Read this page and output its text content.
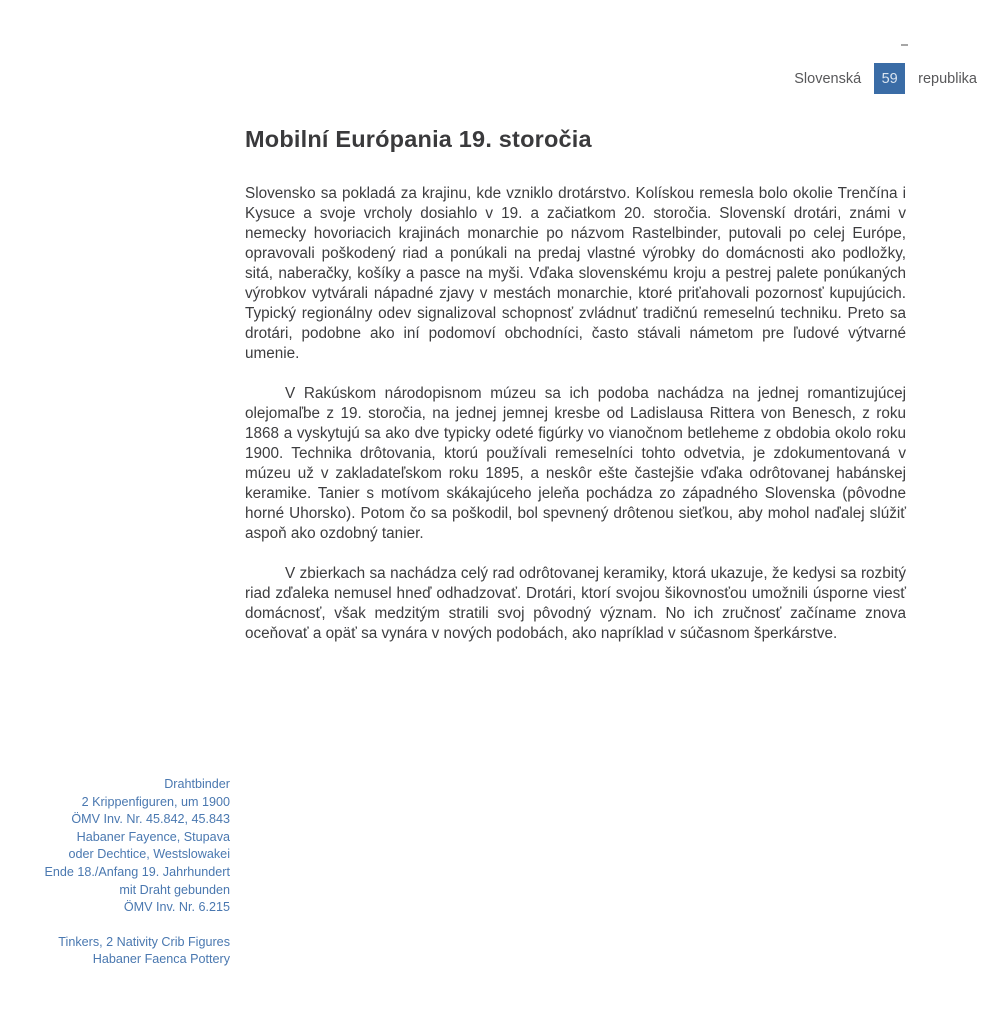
Slovenská 59 republika
Mobilní Európania 19. storočia

Slovensko sa pokladá za krajinu, kde vzniklo drotárstvo. Kolískou remesla bolo okolie Trenčína i Kysuce a svoje vrcholy dosiahlo v 19. a začiatkom 20. storočia. Slovenskí drotári, známi v nemecky hovoriacich krajinách monarchie po názvom Rastelbinder, putovali po celej Európe, opravovali poškodený riad a ponúkali na predaj vlastné výrobky do domácnosti ako podložky, sitá, naberačky, košíky a pasce na myši. Vďaka slovenskému kroju a pestrej palete ponúkaných výrobkov vytvárali nápadné zjavy v mestách monarchie, ktoré priťahovali pozornosť kupujúcich. Typický regionálny odev signalizoval schopnosť zvládnuť tradičnú remeselnú techniku. Preto sa drotári, podobne ako iní podomoví obchodníci, často stávali námetom pre ľudové výtvarné umenie.

V Rakúskom národopisnom múzeu sa ich podoba nachádza na jednej romantizujúcej olejomaľbe z 19. storočia, na jednej jemnej kresbe od Ladislausa Rittera von Benesch, z roku 1868 a vyskytujú sa ako dve typicky odeté figúrky vo vianočnom betleheme z obdobia okolo roku 1900. Technika drôtovania, ktorú používali remeselníci tohto odvetvia, je zdokumentovaná v múzeu už v zakladateľskom roku 1895, a neskôr ešte častejšie vďaka odrôtovanej habánskej keramike. Tanier s motívom skákajúceho jeleňa pochádza zo západného Slovenska (pôvodne horné Uhorsko). Potom čo sa poškodil, bol spevnený drôtenou sieťkou, aby mohol naďalej slúžiť aspoň ako ozdobný tanier.

V zbierkach sa nachádza celý rad odrôtovanej keramiky, ktorá ukazuje, že kedysi sa rozbitý riad zďaleka nemusel hneď odhadzovať. Drotári, ktorí svojou šikovnosťou umožnili úsporne viesť domácnosť, však medzitým stratili svoj pôvodný význam. No ich zručnosť začíname znova oceňovať a opäť sa vynára v nových podobách, ako napríklad v súčasnom šperkárstve.

Drahtbinder
2 Krippenfiguren, um 1900
ÖMV Inv. Nr. 45.842, 45.843
Habaner Fayence, Stupava
oder Dechtice, Westslowakei
Ende 18./Anfang 19. Jahrhundert
mit Draht gebunden
ÖMV Inv. Nr. 6.215
Tinkers, 2 Nativity Crib Figures
Habaner Faenca Pottery
